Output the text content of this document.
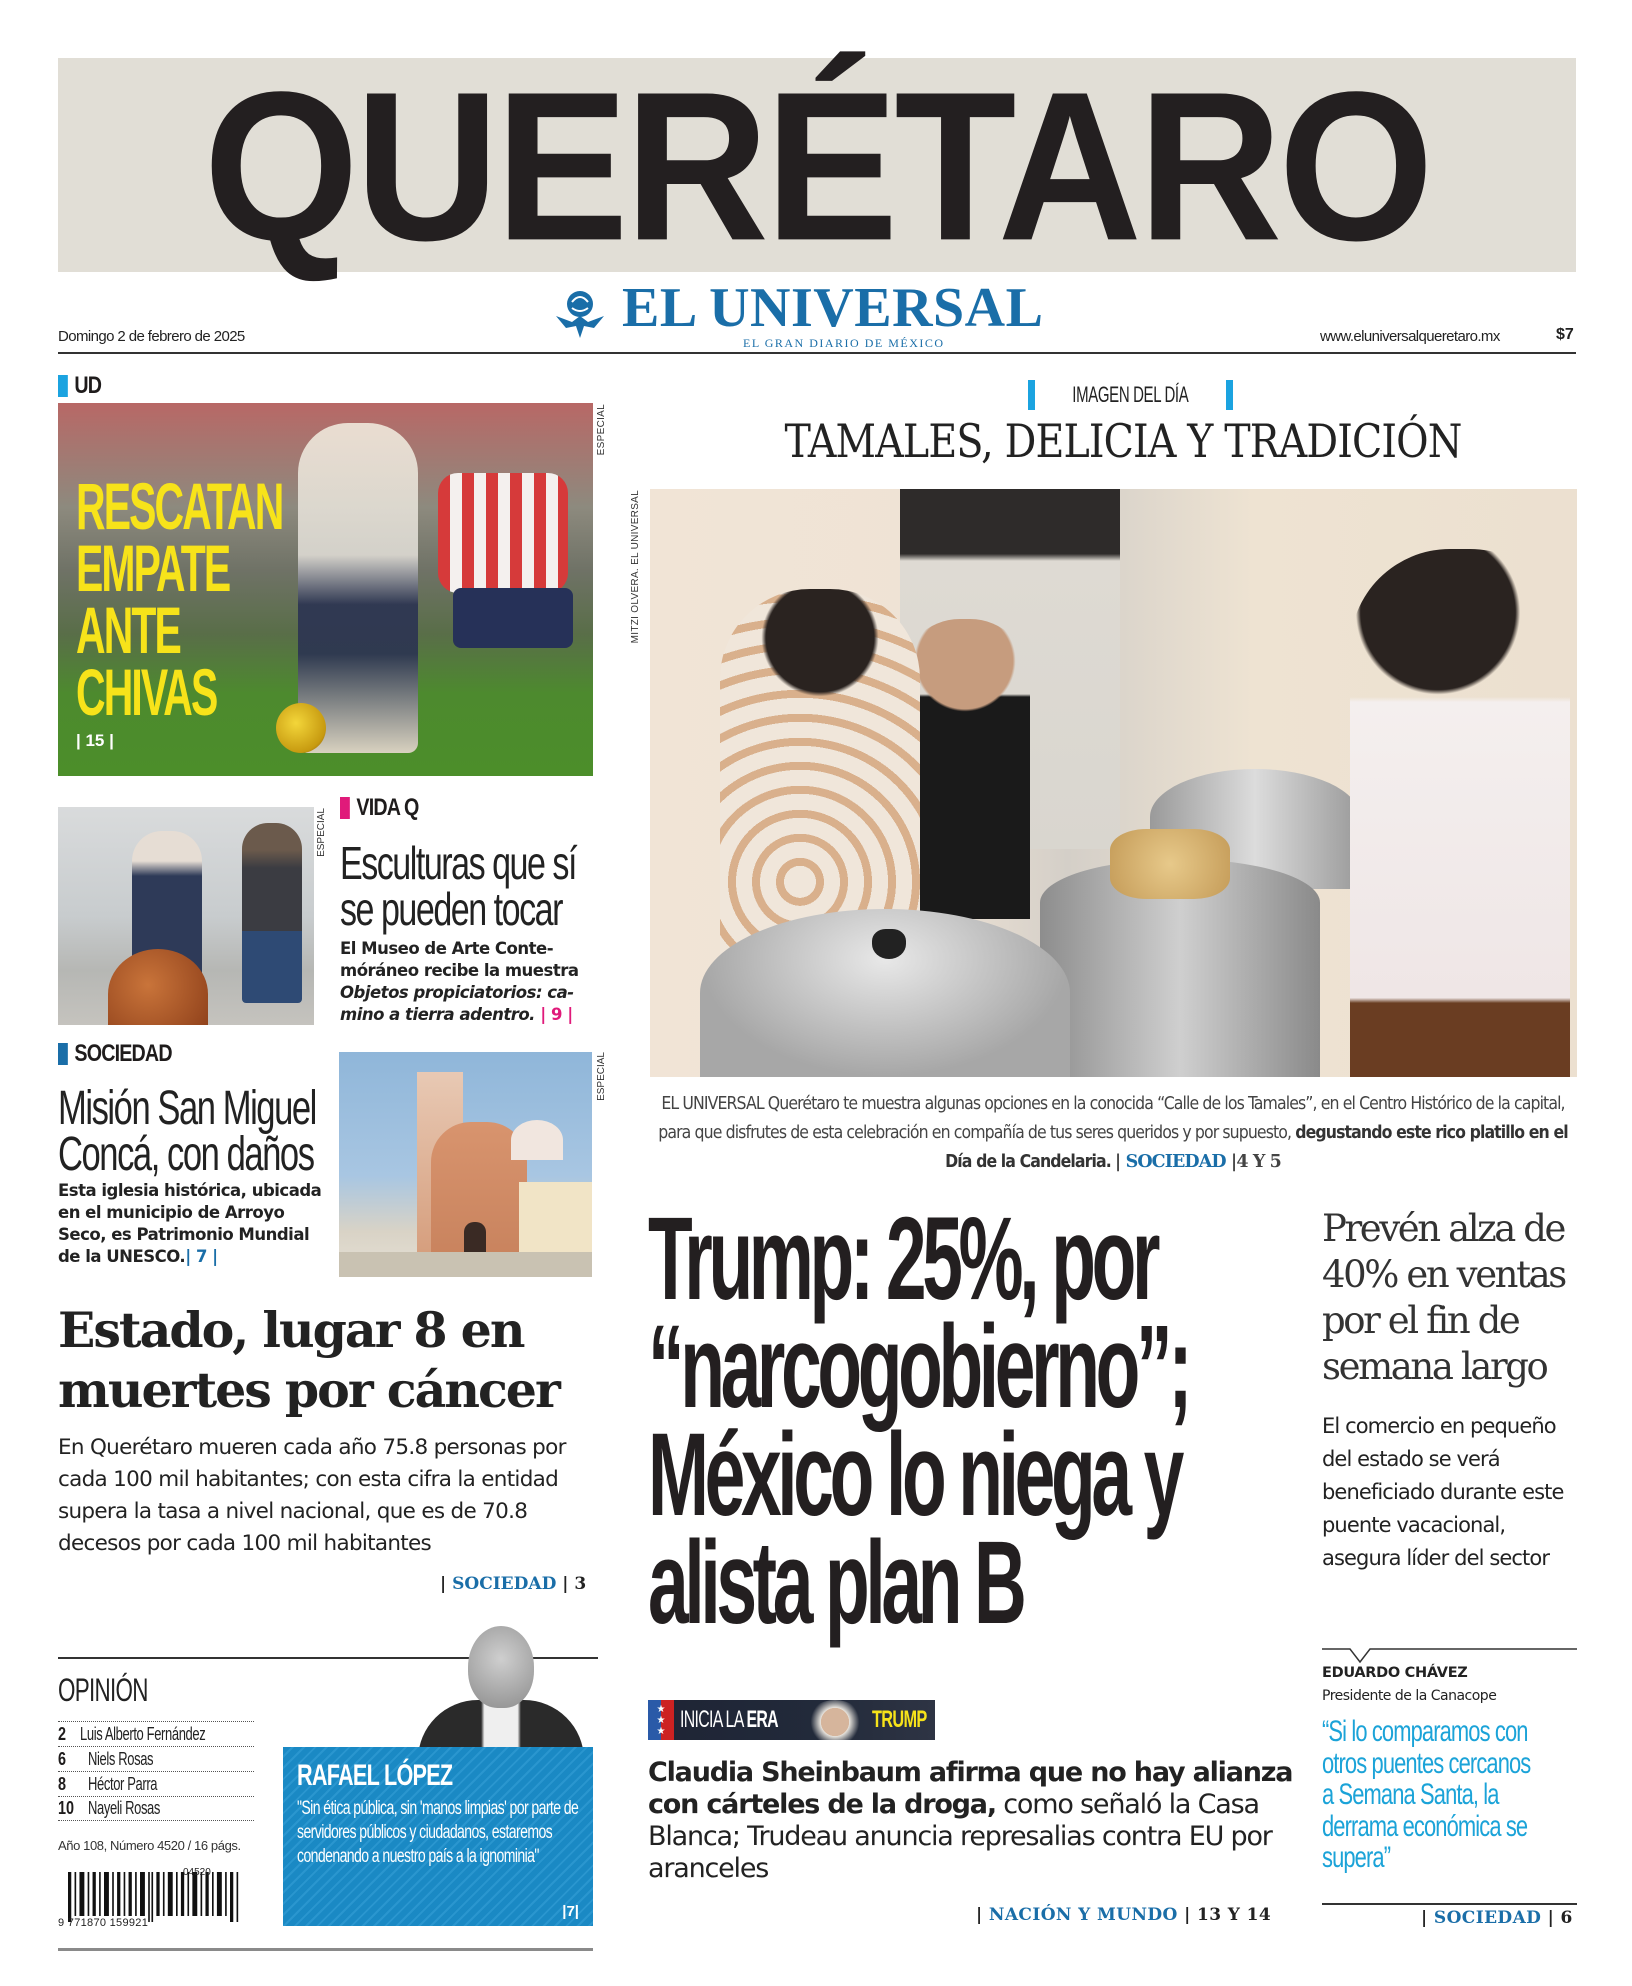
QUERÉTARO
EL UNIVERSAL
EL GRAN DIARIO DE MÉXICO
Domingo 2 de febrero de 2025	www.eluniversalqueretaro.mx	$7
UD
RESCATAN
EMPATE
ANTE
CHIVAS
| 15 |
ESPECIAL
ESPECIAL
VIDA Q
Esculturas que sí se pueden tocar
El Museo de Arte Contemóráneo recibe la muestra Objetos propiciatorios: camino a tierra adentro. | 9 |
SOCIEDAD
Misión San Miguel Concá, con daños
Esta iglesia histórica, ubicada en el municipio de Arroyo Seco, es Patrimonio Mundial de la UNESCO.| 7 |
ESPECIAL
Estado, lugar 8 en muertes por cáncer
En Querétaro mueren cada año 75.8 personas por cada 100 mil habitantes; con esta cifra la entidad supera la tasa a nivel nacional, que es de 70.8 decesos por cada 100 mil habitantes
| SOCIEDAD | 3
OPINIÓN
2 Luis Alberto Fernández
6	Niels Rosas
8	Héctor Parra
10 Nayeli Rosas
Año 108, Número 4520 / 16 págs.
9 771870 159921
04520
RAFAEL LÓPEZ
"Sin ética pública, sin 'manos limpias' por parte de servidores públicos y ciudadanos, estaremos condenando a nuestro país a la ignominia"
|7|
IMAGEN DEL DÍA
TAMALES, DELICIA Y TRADICIÓN
MITZI OLVERA. EL UNIVERSAL
EL UNIVERSAL Querétaro te muestra algunas opciones en la conocida “Calle de los Tamales”, en el Centro Histórico de la capital, para que disfrutes de esta celebración en compañía de tus seres queridos y por supuesto, degustando este rico platillo en el Día de la Candelaria. | SOCIEDAD |4 Y 5
Trump: 25%, por “narcogobierno”; México lo niega y alista plan B
★
★
★ INICIA LA ERA	TRUMP
Claudia Sheinbaum afirma que no hay alianza con cárteles de la droga, como señaló la Casa Blanca; Trudeau anuncia represalias contra EU por aranceles
| NACIÓN Y MUNDO | 13 Y 14
Prevén alza de 40% en ventas por el fin de semana largo
El comercio en pequeño del estado se verá beneficiado durante este puente vacacional, asegura líder del sector
EDUARDO CHÁVEZ
Presidente de la Canacope
“Si lo comparamos con otros puentes cercanos a Semana Santa, la derrama económica se supera”
| SOCIEDAD | 6
